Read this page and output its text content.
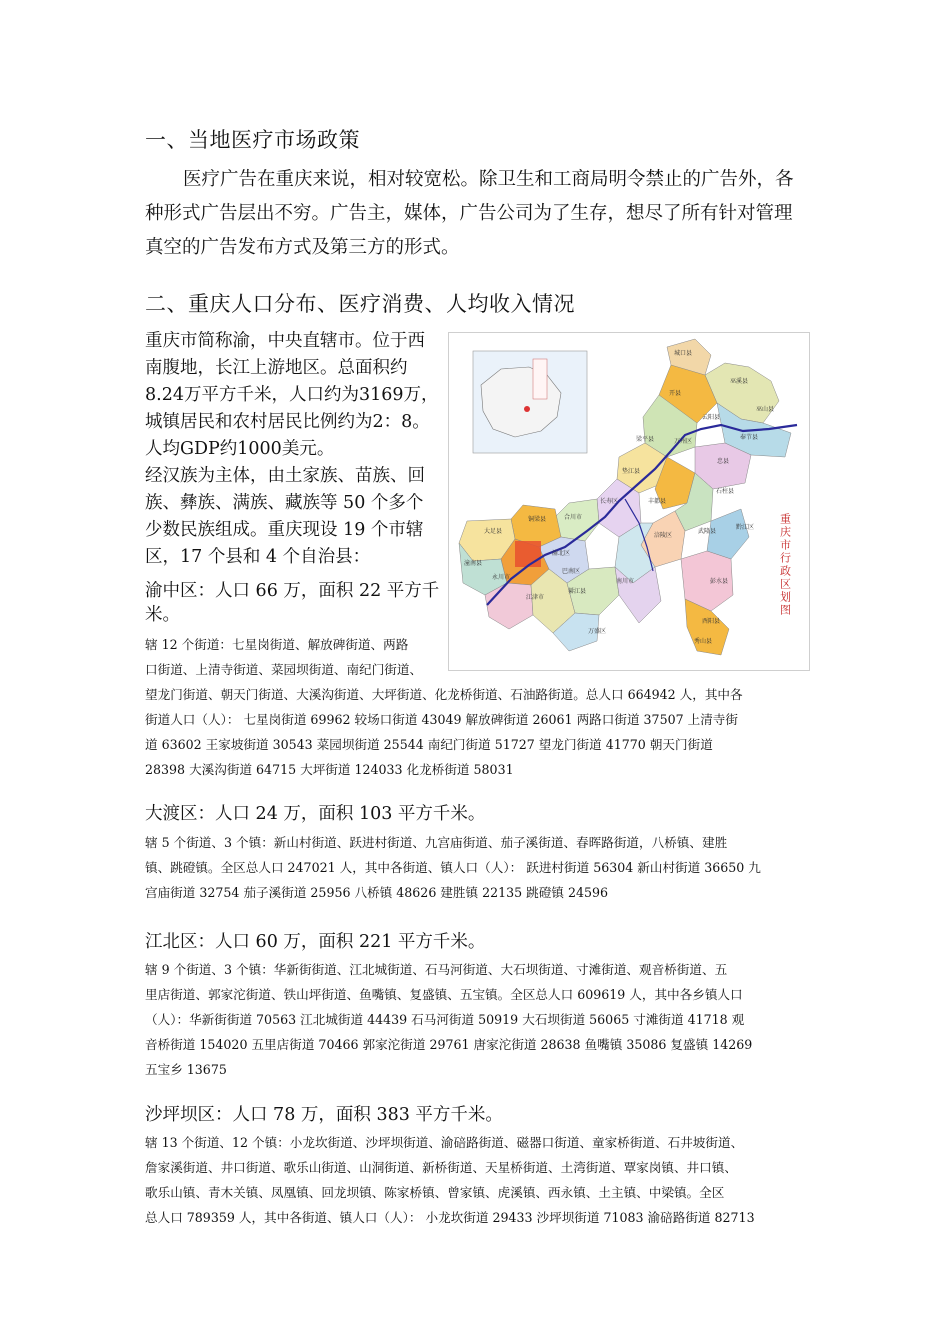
一、当地医疗市场政策
医疗广告在重庆来说，相对较宽松。除卫生和工商局明令禁止的广告外，各
种形式广告层出不穷。广告主，媒体，广告公司为了生存，想尽了所有针对管理
真空的广告发布方式及第三方的形式。
二、重庆人口分布、医疗消费、人均收入情况
重庆市简称渝，中央直辖市。位于西
南腹地，长江上游地区。总面积约
8.24万平方千米，人口约为3169万，
城镇居民和农村居民比例约为2：8。
人均GDP约1000美元。
经汉族为主体，由土家族、苗族、回
族、彝族、满族、藏族等 50 个多个
少数民族组成。重庆现设 19 个市辖
区，17 个县和 4 个自治县：	重庆市行政区划图
城口县
巫溪县
巫山县
奉节县
开县
云阳县
万州区
忠县
梁平县
石柱县
垫江县
丰都县
长寿区
涪陵区
武隆县
彭水县
黔江区
酉阳县
秀山县
南川市
綦江县
江津市
永川市
大足县
铜梁县	合川市
潼南县
渝北区
巴南区
万盛区
渝中区：人口 66 万，面积 22 平方千
米。
辖 12 个街道：七星岗街道、解放碑街道、两路
口街道、上清寺街道、菜园坝街道、南纪门街道、
望龙门街道、朝天门街道、大溪沟街道、大坪街道、化龙桥街道、石油路街道。总人口 664942 人，其中各
街道人口（人）： 七星岗街道 69962 较场口街道 43049 解放碑街道 26061 两路口街道 37507 上清寺街
道 63602 王家坡街道 30543 菜园坝街道 25544 南纪门街道 51727 望龙门街道 41770 朝天门街道
28398 大溪沟街道 64715 大坪街道 124033 化龙桥街道 58031
大渡区：人口 24 万，面积 103 平方千米。
辖 5 个街道、3 个镇：新山村街道、跃进村街道、九宫庙街道、茄子溪街道、春晖路街道，八桥镇、建胜
镇、跳磴镇。全区总人口 247021 人，其中各街道、镇人口（人）： 跃进村街道 56304 新山村街道 36650 九
宫庙街道 32754 茄子溪街道 25956 八桥镇 48626 建胜镇 22135 跳磴镇 24596
江北区：人口 60 万，面积 221 平方千米。
辖 9 个街道、3 个镇：华新街街道、江北城街道、石马河街道、大石坝街道、寸滩街道、观音桥街道、五
里店街道、郭家沱街道、铁山坪街道、鱼嘴镇、复盛镇、五宝镇。全区总人口 609619 人，其中各乡镇人口
（人）：华新街街道 70563 江北城街道 44439 石马河街道 50919 大石坝街道 56065 寸滩街道 41718 观
音桥街道 154020 五里店街道 70466 郭家沱街道 29761 唐家沱街道 28638 鱼嘴镇 35086 复盛镇 14269
五宝乡 13675
沙坪坝区：人口 78 万，面积 383 平方千米。
辖 13 个街道、12 个镇：小龙坎街道、沙坪坝街道、渝碚路街道、磁器口街道、童家桥街道、石井坡街道、
詹家溪街道、井口街道、歌乐山街道、山洞街道、新桥街道、天星桥街道、土湾街道、覃家岗镇、井口镇、
歌乐山镇、青木关镇、凤凰镇、回龙坝镇、陈家桥镇、曾家镇、虎溪镇、西永镇、土主镇、中梁镇。全区
总人口 789359 人，其中各街道、镇人口（人）： 小龙坎街道 29433 沙坪坝街道 71083 渝碚路街道 82713
